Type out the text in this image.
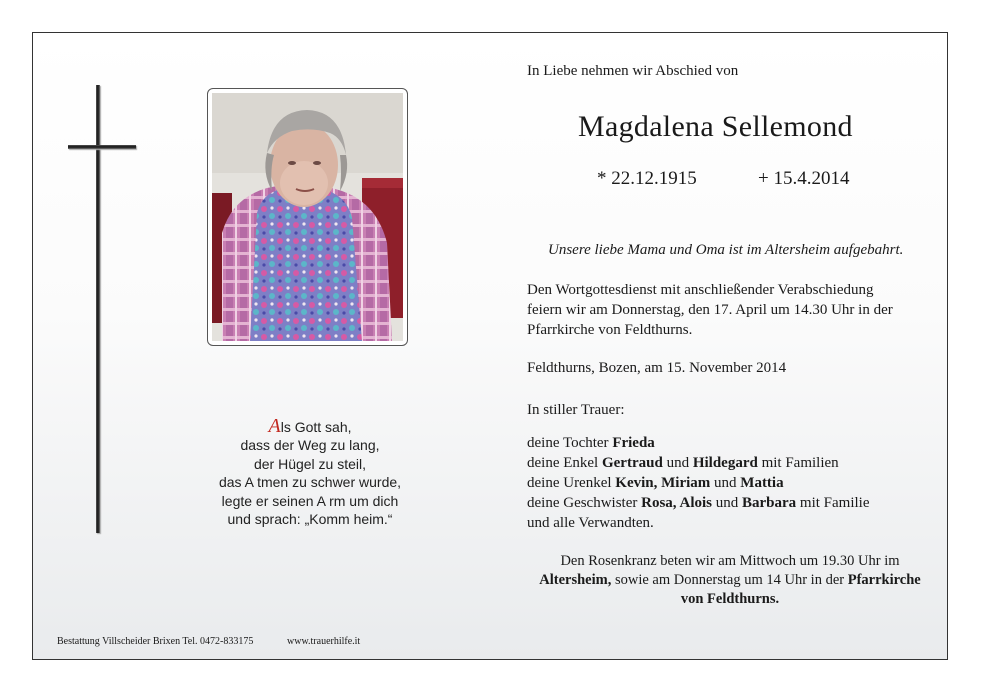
Als Gott sah,
dass der Weg zu lang,
der Hügel zu steil,
das A tmen zu schwer wurde,
legte er seinen A rm um dich
und sprach: „Komm heim.“
In Liebe nehmen wir Abschied von
Magdalena Sellemond
* 22.12.1915	+ 15.4.2014
Unsere liebe Mama und Oma ist im Altersheim aufgebahrt.
Den Wortgottesdienst mit anschließender Verabschiedung
feiern wir am Donnerstag, den 17. April um 14.30 Uhr in der
Pfarrkirche von Feldthurns.
Feldthurns, Bozen, am 15. November 2014
In stiller Trauer:
deine Tochter Frieda
deine Enkel Gertraud und Hildegard mit Familien
deine Urenkel Kevin, Miriam und Mattia
deine Geschwister Rosa, Alois und Barbara mit Familie
und alle Verwandten.
Den Rosenkranz beten wir am Mittwoch um 19.30 Uhr im
Altersheim, sowie am Donnerstag um 14 Uhr in der Pfarrkirche
von Feldthurns.
Bestattung Villscheider Brixen Tel. 0472-833175	www.trauerhilfe.it
